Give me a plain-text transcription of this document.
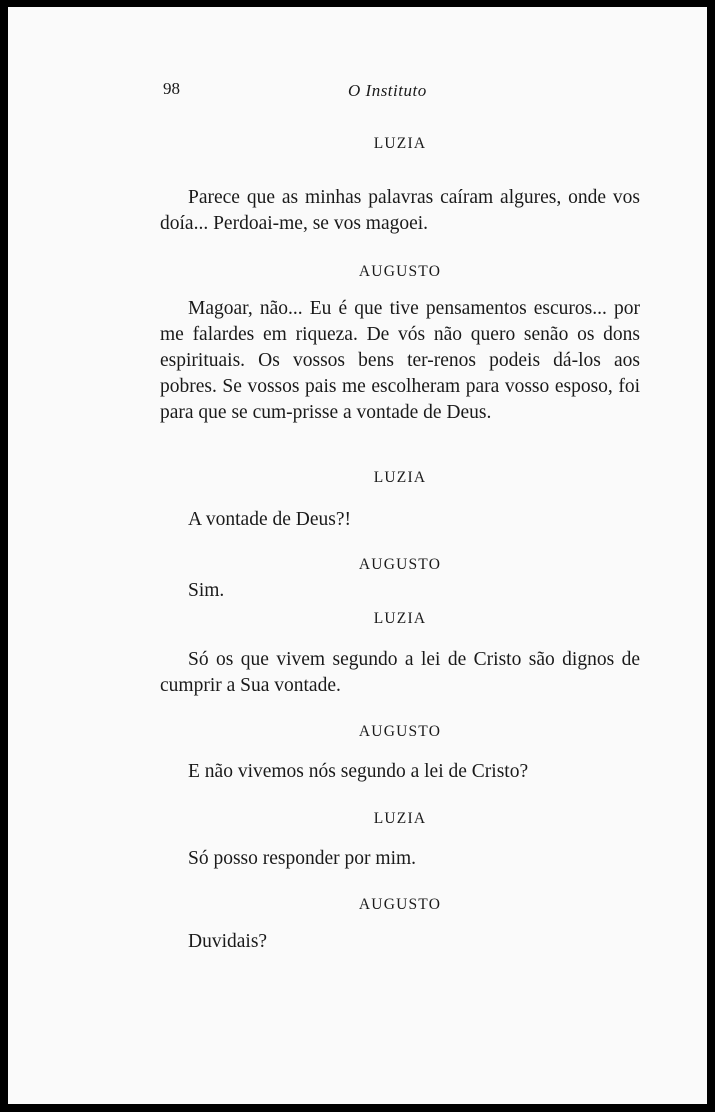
98	O Instituto
LUZIA
Parece que as minhas palavras caíram algures, onde vos doía... Perdoai-me, se vos magoei.
AUGUSTO
Magoar, não... Eu é que tive pensamentos escuros... por me falardes em riqueza. De vós não quero senão os dons espirituais. Os vossos bens ter-renos podeis dá-los aos pobres. Se vossos pais me escolheram para vosso esposo, foi para que se cum-prisse a vontade de Deus.
LUZIA
A vontade de Deus?!
AUGUSTO
Sim.
LUZIA
Só os que vivem segundo a lei de Cristo são dignos de cumprir a Sua vontade.
AUGUSTO
E não vivemos nós segundo a lei de Cristo?
LUZIA
Só posso responder por mim.
AUGUSTO
Duvidais?
